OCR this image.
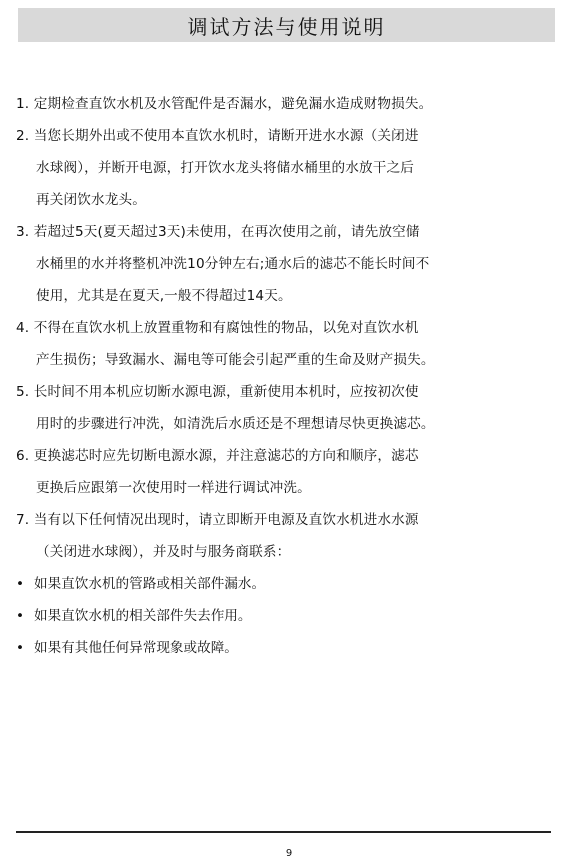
调试方法与使用说明
1. 定期检查直饮水机及水管配件是否漏水，避免漏水造成财物损失。
2. 当您长期外出或不使用本直饮水机时，请断开进水水源（关闭进
水球阀），并断开电源，打开饮水龙头将储水桶里的水放干之后
再关闭饮水龙头。
3. 若超过5天(夏天超过3天)未使用，在再次使用之前，请先放空储
水桶里的水并将整机冲洗10分钟左右;通水后的滤芯不能长时间不
使用，尤其是在夏天,一般不得超过14天。
4. 不得在直饮水机上放置重物和有腐蚀性的物品，以免对直饮水机
产生损伤；导致漏水、漏电等可能会引起严重的生命及财产损失。
5. 长时间不用本机应切断水源电源，重新使用本机时，应按初次使
用时的步骤进行冲洗，如清洗后水质还是不理想请尽快更换滤芯。
6. 更换滤芯时应先切断电源水源，并注意滤芯的方向和顺序，滤芯
更换后应跟第一次使用时一样进行调试冲洗。
7. 当有以下任何情况出现时，请立即断开电源及直饮水机进水水源
（关闭进水球阀），并及时与服务商联系：
• 如果直饮水机的管路或相关部件漏水。
• 如果直饮水机的相关部件失去作用。
• 如果有其他任何异常现象或故障。
9
